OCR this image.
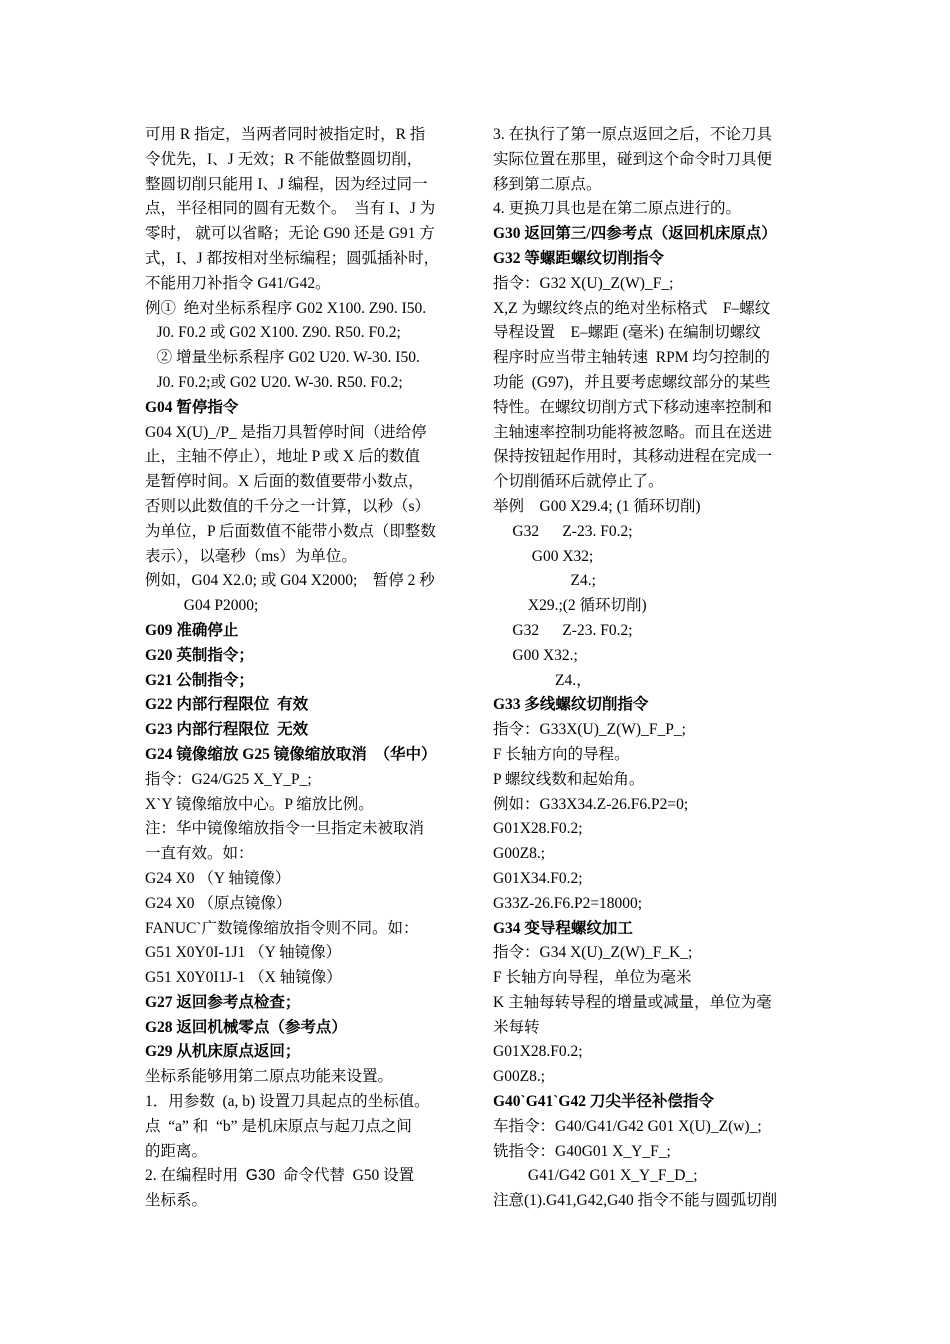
可用 R 指定，当两者同时被指定时，R 指
令优先，I、J 无效；R 不能做整圆切削，
整圆切削只能用 I、J 编程，因为经过同一
点，半径相同的圆有无数个。  当有 I、J 为
零时， 就可以省略；无论 G90 还是 G91 方
式，I、J 都按相对坐标编程；圆弧插补时，
不能用刀补指令 G41/G42。
例①  绝对坐标系程序 G02 X100. Z90. I50.
J0. F0.2 或 G02 X100. Z90. R50. F0.2;
② 增量坐标系程序 G02 U20. W-30. I50.
J0. F0.2;或 G02 U20. W-30. R50. F0.2;
G04 暂停指令
G04 X(U)_/P_ 是指刀具暂停时间（进给停
止，主轴不停止），地址 P 或 X 后的数值
是暂停时间。X 后面的数值要带小数点，
否则以此数值的千分之一计算，以秒（s）
为单位，P 后面数值不能带小数点（即整数
表示），以毫秒（ms）为单位。
例如，G04 X2.0; 或 G04 X2000;    暂停 2 秒
G04 P2000;
G09 准确停止
G20 英制指令；
G21 公制指令；
G22 内部行程限位  有效
G23 内部行程限位  无效
G24 镜像缩放 G25 镜像缩放取消  （华中）
指令：G24/G25 X_Y_P_;
X`Y 镜像缩放中心。P 缩放比例。
注：华中镜像缩放指令一旦指定未被取消
一直有效。如：
G24 X0 （Y 轴镜像）
G24 X0 （原点镜像）
FANUC`广数镜像缩放指令则不同。如：
G51 X0Y0I-1J1 （Y 轴镜像）
G51 X0Y0I1J-1 （X 轴镜像）
G27 返回参考点检查；
G28 返回机械零点（参考点）
G29 从机床原点返回；
坐标系能够用第二原点功能来设置。
1．用参数  (a, b) 设置刀具起点的坐标值。
点  “a” 和  “b” 是机床原点与起刀点之间
的距离。
2. 在编程时用  G30  命令代替  G50 设置
坐标系。
3. 在执行了第一原点返回之后，不论刀具
实际位置在那里，碰到这个命令时刀具便
移到第二原点。
4. 更换刀具也是在第二原点进行的。
G30 返回第三/四参考点（返回机床原点）
G32 等螺距螺纹切削指令
指令：G32 X(U)_Z(W)_F_;
X,Z 为螺纹终点的绝对坐标格式    F–螺纹
导程设置    E–螺距 (毫米) 在编制切螺纹
程序时应当带主轴转速  RPM 均匀控制的
功能  (G97)，并且要考虑螺纹部分的某些
特性。在螺纹切削方式下移动速率控制和
主轴速率控制功能将被忽略。而且在送进
保持按钮起作用时，其移动进程在完成一
个切削循环后就停止了。
举例    G00 X29.4; (1 循环切削)
G32      Z-23. F0.2;
G00 X32;
Z4.;
X29.;(2 循环切削)
G32      Z-23. F0.2;
G00 X32.;
Z4.，
G33 多线螺纹切削指令
指令：G33X(U)_Z(W)_F_P_;
F 长轴方向的导程。
P 螺纹线数和起始角。
例如：G33X34.Z-26.F6.P2=0;
G01X28.F0.2;
G00Z8.;
G01X34.F0.2;
G33Z-26.F6.P2=18000;
G34 变导程螺纹加工
指令：G34 X(U)_Z(W)_F_K_;
F 长轴方向导程，单位为毫米
K 主轴每转导程的增量或减量，单位为毫
米每转
G01X28.F0.2;
G00Z8.;
G40`G41`G42 刀尖半径补偿指令
车指令：G40/G41/G42 G01 X(U)_Z(w)_;
铣指令：G40G01 X_Y_F_;
G41/G42 G01 X_Y_F_D_;
注意(1).G41,G42,G40 指令不能与圆弧切削
